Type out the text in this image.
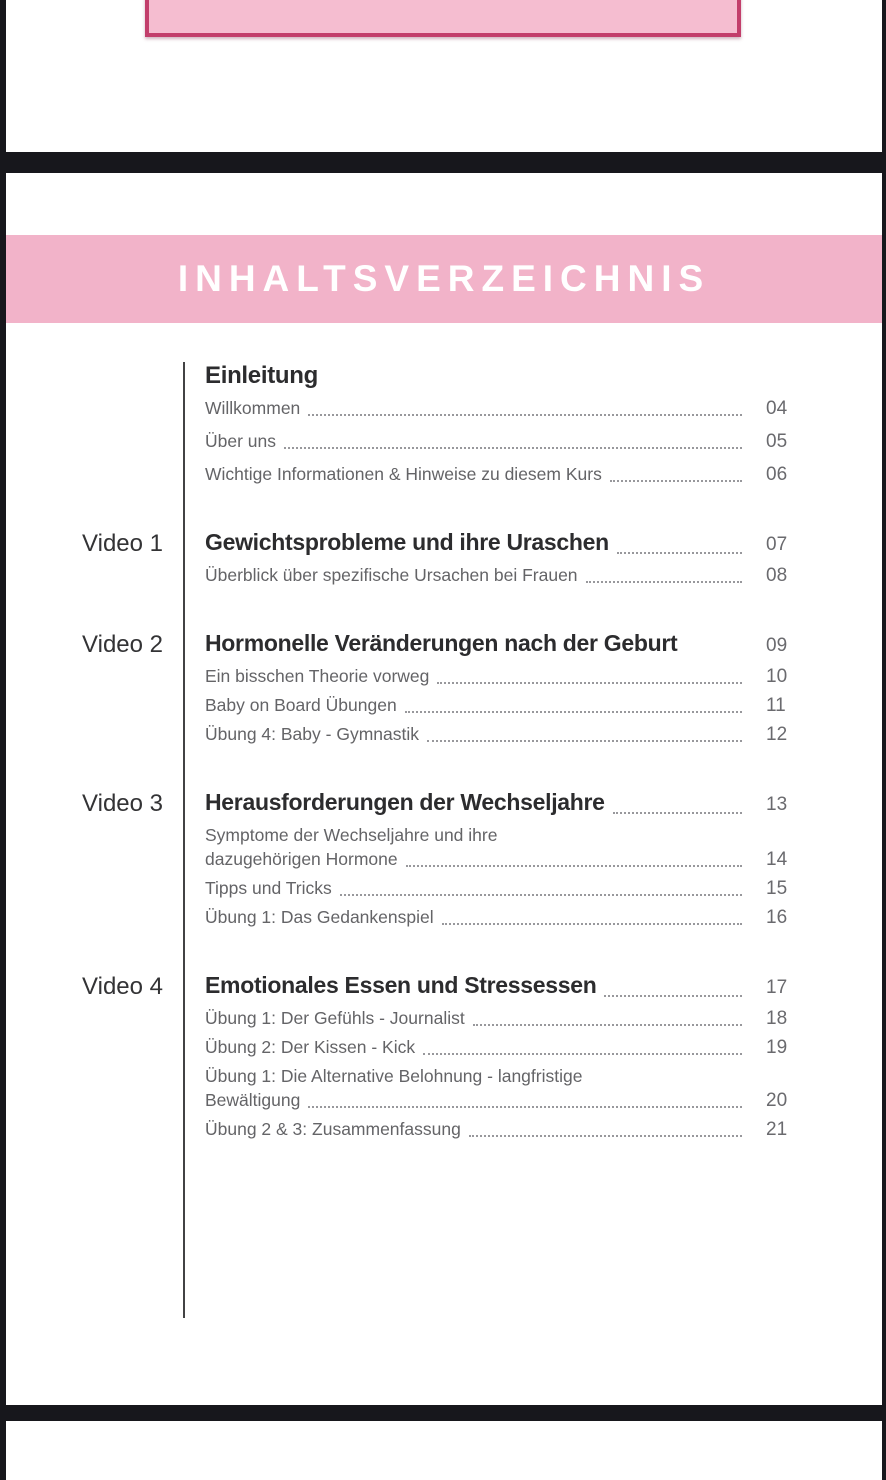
INHALTSVERZEICHNIS
Einleitung
Willkommen	04
Über uns	05
Wichtige Informationen & Hinweise zu diesem Kurs	06
Video 1	Gewichtsprobleme und ihre Uraschen	07
Überblick über spezifische Ursachen bei Frauen	08
Video 2	Hormonelle Veränderungen nach der Geburt	09
Ein bisschen Theorie vorweg	10
Baby on Board Übungen	11
Übung 4: Baby - Gymnastik	12
Video 3	Herausforderungen der Wechseljahre	13
Symptome der Wechseljahre und ihre
dazugehörigen Hormone	14
Tipps und Tricks	15
Übung 1: Das Gedankenspiel	16
Video 4	Emotionales Essen und Stressessen	17
Übung 1: Der Gefühls - Journalist	18
Übung 2: Der Kissen - Kick	19
Übung 1: Die Alternative Belohnung - langfristige
Bewältigung	20
Übung 2 & 3: Zusammenfassung	21
